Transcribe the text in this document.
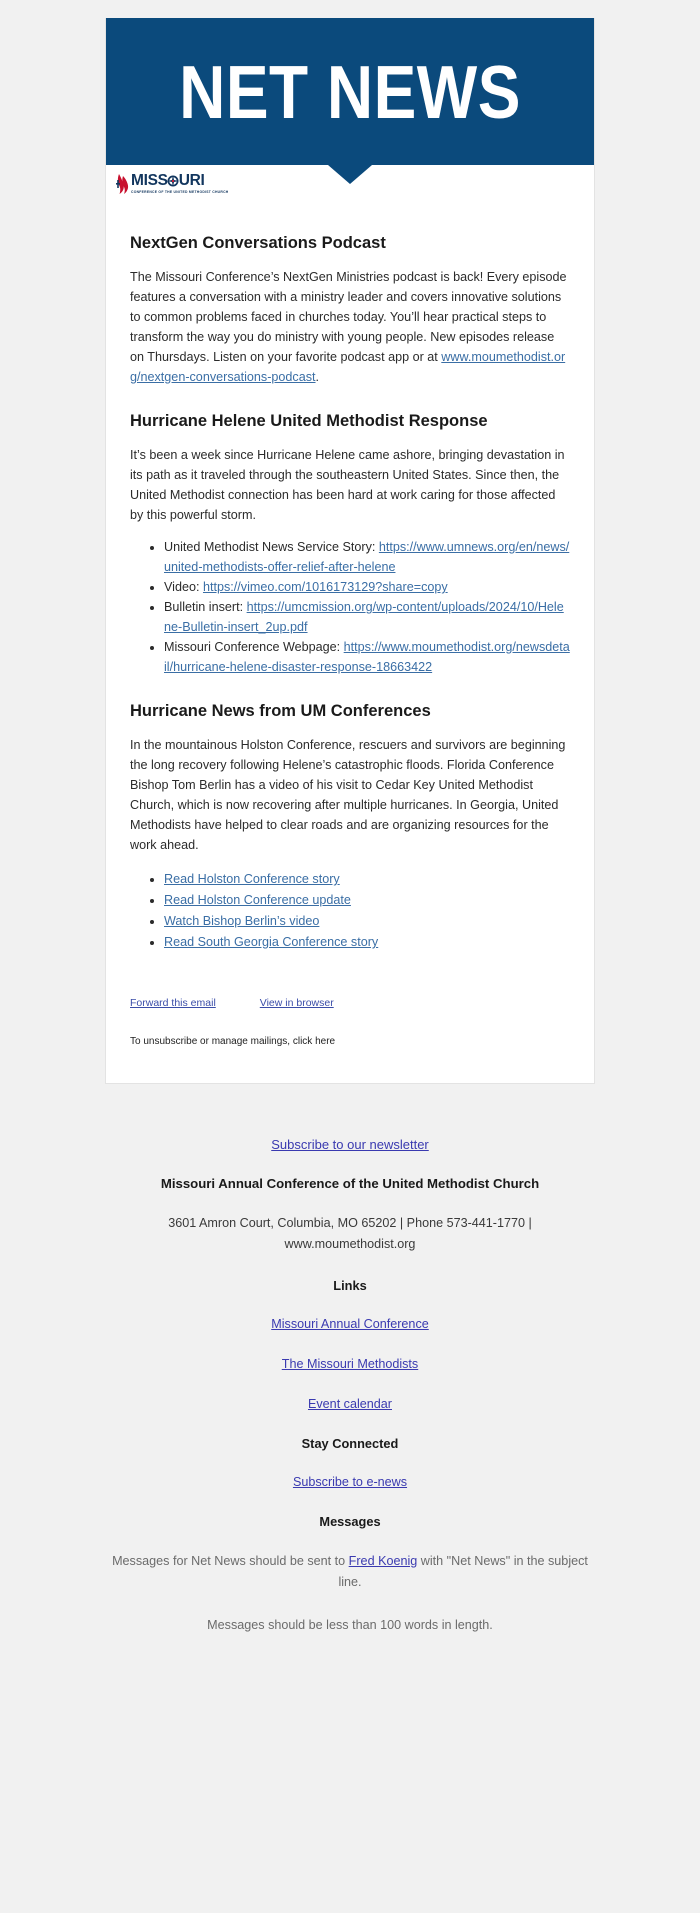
NET NEWS
MISS URI
CONFERENCE OF THE UNITED METHODIST CHURCH
NextGen Conversations Podcast

The Missouri Conference’s NextGen Ministries podcast is back! Every episode features a conversation with a ministry leader and covers innovative solutions to common problems faced in churches today. You’ll hear practical steps to transform the way you do ministry with young people. New episodes release on Thursdays. Listen on your favorite podcast app or at www.moumethodist.org/nextgen-conversations-podcast.

Hurricane Helene United Methodist Response

It’s been a week since Hurricane Helene came ashore, bringing devastation in its path as it traveled through the southeastern United States. Since then, the United Methodist connection has been hard at work caring for those affected by this powerful storm.

• United Methodist News Service Story: https://www.umnews.org/en/news/united-methodists-offer-relief-after-helene
• Video: https://vimeo.com/1016173129?share=copy
• Bulletin insert: https://umcmission.org/wp-content/uploads/2024/10/Helene-Bulletin-insert_2up.pdf
• Missouri Conference Webpage: https://www.moumethodist.org/newsdetail/hurricane-helene-disaster-response-18663422
Hurricane News from UM Conferences

In the mountainous Holston Conference, rescuers and survivors are beginning the long recovery following Helene’s catastrophic floods. Florida Conference Bishop Tom Berlin has a video of his visit to Cedar Key United Methodist Church, which is now recovering after multiple hurricanes. In Georgia, United Methodists have helped to clear roads and are organizing resources for the work ahead.

• Read Holston Conference story
• Read Holston Conference update
• Watch Bishop Berlin’s video
• Read South Georgia Conference story
Forward this email	View in browser
To unsubscribe or manage mailings, click here
Subscribe to our newsletter
Missouri Annual Conference of the United Methodist Church
3601 Amron Court, Columbia, MO 65202 | Phone 573-441-1770 |
www.moumethodist.org
Links
Missouri Annual Conference
The Missouri Methodists
Event calendar
Stay Connected
Subscribe to e-news
Messages
Messages for Net News should be sent to Fred Koenig with "Net News" in the subject line.
Messages should be less than 100 words in length.
